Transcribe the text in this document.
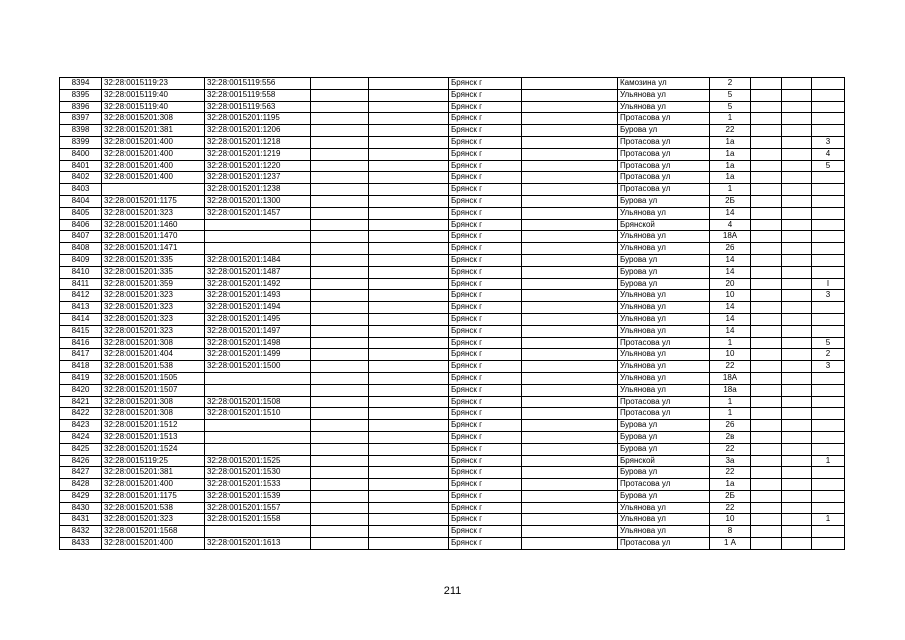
8394	32:28:0015119:23	32:28:0015119:556			Брянск г		Камозина ул	2			
8395	32:28:0015119:40	32:28:0015119:558			Брянск г		Ульянова ул	5			
8396	32:28:0015119:40	32:28:0015119:563			Брянск г		Ульянова ул	5			
8397	32:28:0015201:308	32:28:0015201:1195			Брянск г		Протасова ул	1			
8398	32:28:0015201:381	32:28:0015201:1206			Брянск г		Бурова ул	22			
8399	32:28:0015201:400	32:28:0015201:1218			Брянск г		Протасова ул	1а			3
8400	32:28:0015201:400	32:28:0015201:1219			Брянск г		Протасова ул	1а			4
8401	32:28:0015201:400	32:28:0015201:1220			Брянск г		Протасова ул	1а			5
8402	32:28:0015201:400	32:28:0015201:1237			Брянск г		Протасова ул	1а			
8403		32:28:0015201:1238			Брянск г		Протасова ул	1			
8404	32:28:0015201:1175	32:28:0015201:1300			Брянск г		Бурова ул	2Б			
8405	32:28:0015201:323	32:28:0015201:1457			Брянск г		Ульянова ул	14			
8406	32:28:0015201:1460				Брянск г		Брянской	4			
8407	32:28:0015201:1470				Брянск г		Ульянова ул	18А			
8408	32:28:0015201:1471				Брянск г		Ульянова ул	26			
8409	32:28:0015201:335	32:28:0015201:1484			Брянск г		Бурова ул	14			
8410	32:28:0015201:335	32:28:0015201:1487			Брянск г		Бурова ул	14			
8411	32:28:0015201:359	32:28:0015201:1492			Брянск г		Бурова ул	20			I
8412	32:28:0015201:323	32:28:0015201:1493			Брянск г		Ульянова ул	10			3
8413	32:28:0015201:323	32:28:0015201:1494			Брянск г		Ульянова ул	14			
8414	32:28:0015201:323	32:28:0015201:1495			Брянск г		Ульянова ул	14			
8415	32:28:0015201:323	32:28:0015201:1497			Брянск г		Ульянова ул	14			
8416	32:28:0015201:308	32:28:0015201:1498			Брянск г		Протасова ул	1			5
8417	32:28:0015201:404	32:28:0015201:1499			Брянск г		Ульянова ул	10			2
8418	32:28:0015201:538	32:28:0015201:1500			Брянск г		Ульянова ул	22			3
8419	32:28:0015201:1505				Брянск г		Ульянова ул	18А			
8420	32:28:0015201:1507				Брянск г		Ульянова ул	18а			
8421	32:28:0015201:308	32:28:0015201:1508			Брянск г		Протасова ул	1			
8422	32:28:0015201:308	32:28:0015201:1510			Брянск г		Протасова ул	1			
8423	32:28:0015201:1512				Брянск г		Бурова ул	26			
8424	32:28:0015201:1513				Брянск г		Бурова ул	2в			
8425	32:28:0015201:1524				Брянск г		Бурова ул	22			
8426	32:28:0015119:25	32:28:0015201:1525			Брянск г		Брянской	3а			1
8427	32:28:0015201:381	32:28:0015201:1530			Брянск г		Бурова ул	22			
8428	32:28:0015201:400	32:28:0015201:1533			Брянск г		Протасова ул	1а			
8429	32:28:0015201:1175	32:28:0015201:1539			Брянск г		Бурова ул	2Б			
8430	32:28:0015201:538	32:28:0015201:1557			Брянск г		Ульянова ул	22			
8431	32:28:0015201:323	32:28:0015201:1558			Брянск г		Ульянова ул	10			1
8432	32:28:0015201:1568				Брянск г		Ульянова ул	8			
8433	32:28:0015201:400	32:28:0015201:1613			Брянск г		Протасова ул	1 А			
211
